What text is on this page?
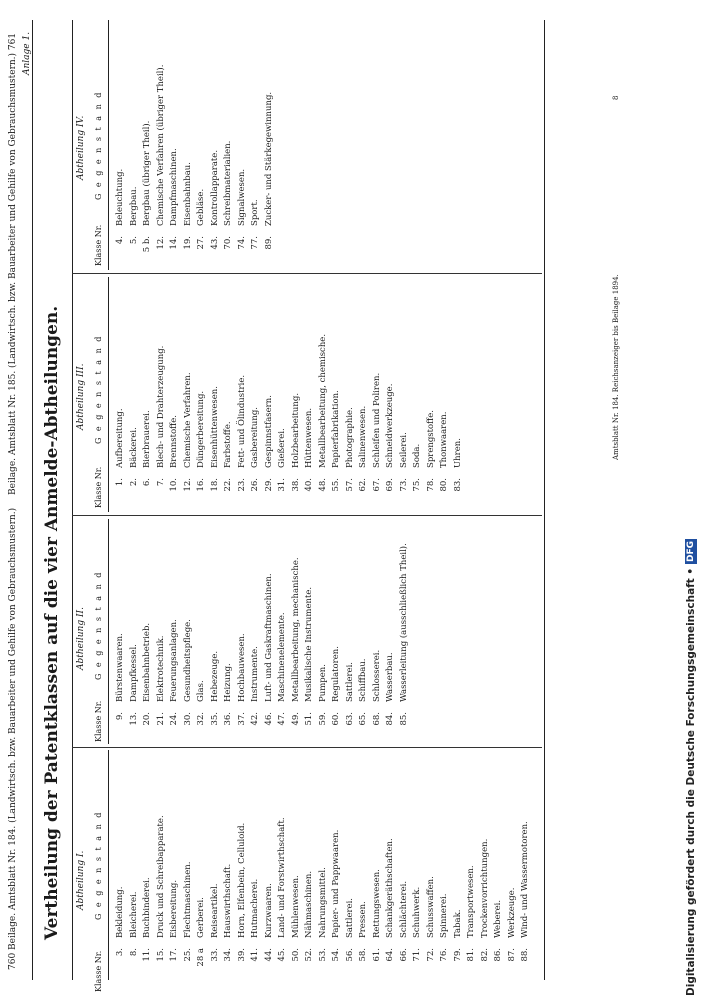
760 Beilage. Amtsblatt Nr. 184. (Landwirtsch. bzw. Bauarbeiter und Gehilfe von Gebrauchsmustern.)
Beilage. Amtsblatt Nr. 185. (Landwirtsch. bzw. Bauarbeiter und Gehilfe von Gebrauchsmustern.) 761 Anlage 1.
Vertheilung der Patentklassen auf die vier Anmelde-Abtheilungen. Abtheilung I.
Klasse Nr.
G e g e n s t a n d
3.Bekleidung.
8.Bleicherei.
11.Buchbinderei.
15.Druck und Schreibapparate.
17.Eisbereitung.
25.Flechtmaschinen.
28 aGerberei.
33.Reiseartikel.
34.Hauswirthschaft.
39.Horn, Elfenbein, Celluloid.
41.Hutmacherei.
44.Kurzwaaren.
45.Land- und Forstwirthschaft.
50.Mühlenwesen.
52.Nähmaschinen.
53.Nahrungsmittel.
54.Papier- und Pappwaaren.
56.Sattlerei.
58.Pressen.
61.Rettungswesen.
64.Schankgeräthschaften.
66.Schlächterei.
71.Schuhwerk.
72.Schusswaffen.
76.Spinnerei.
79.Tabak.
81.Transportwesen.
82.Trockenvorrichtungen.
86.Weberei.
87.Werkzeuge.
88.Wind- und Wassermotoren.
Abtheilung II.
Klasse Nr.
G e g e n s t a n d
9.Bürstenwaaren.
13.Dampfkessel.
20.Eisenbahnbetrieb.
21.Elektrotechnik.
24.Feuerungsanlagen.
30.Gesundheitspflege.
32.Glas.
35.Hebezeuge.
36.Heizung.
37.Hochbauwesen.
42.Instrumente.
46.Luft- und Gaskraftmaschinen.
47.Maschinenelemente.
49.Metallbearbeitung, mechanische.
51.Musikalische Instrumente.
59.Pumpen.
60.Regulatoren.
63.Sattlerei.
65.Schiffbau.
68.Schlosserei.
84.Wasserbau.
85.Wasserleitung (ausschließlich Theil).
Abtheilung III.
Klasse Nr.
G e g e n s t a n d
1.Aufbereitung.
2.Bäckerei.
6.Bierbrauerei.
7.Blech- und Drahterzeugung.
10.Brennstoffe.
12.Chemische Verfahren.
16.Düngerbereitung.
18.Eisenhüttenwesen.
22.Farbstoffe.
23.Fett- und Ölindustrie.
26.Gasbereitung.
29.Gespinnstfasern.
31.Gießerei.
38.Holzbearbeitung.
40.Hüttenwesen.
48.Metallbearbeitung, chemische.
55.Papierfabrikation.
57.Photographie.
62.Salinenwesen.
67.Schleifen und Poliren.
69.Schneidwerkzeuge.
73.Seilerei.
75.Soda.
78.Sprengstoffe.
80.Thonwaaren.
83.Uhren.
Abtheilung IV.
Klasse Nr.
G e g e n s t a n d
4.Beleuchtung.
5.Bergbau.
5 b.Bergbau (übriger Theil).
12.Chemische Verfahren (übriger Theil).
14.Dampfmaschinen.
19.Eisenbahnbau.
27.Gebläse.
43.Kontrollapparate.
70.Schreibmaterialien.
74.Signalwesen.
77.Sport.
89.Zucker- und Stärkegewinnung.
Amtsblatt Nr. 184. Reichsanzeiger bis Beilage 1894.
8
Digitalisierung gefördert durch die Deutsche Forschungsgemeinschaft • DFG
